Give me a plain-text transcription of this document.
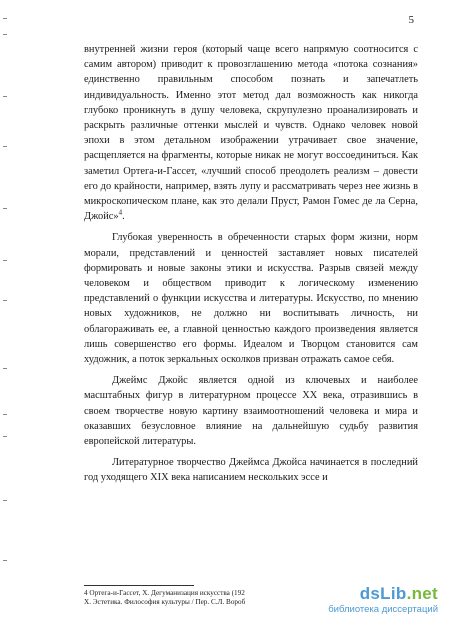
5

внутренней жизни героя (который чаще всего напрямую соотносится с самим автором) приводит к провозглашению метода «потока сознания» единственно правильным способом познать и запечатлеть индивидуальность. Именно этот метод дал возможность как никогда глубоко проникнуть в душу человека, скрупулезно проанализировать и раскрыть различные оттенки мыслей и чувств. Однако человек новой эпохи в этом детальном изображении утрачивает свое значение, расщепляется на фрагменты, которые никак не могут воссоединиться. Как заметил Ортега-и-Гассет, «лучший способ преодолеть реализм – довести его до крайности, например, взять лупу и рассматривать через нее жизнь в микроскопическом плане, как это делали Пруст, Рамон Гомес де ла Серна, Джойс»$^4$.

Глубокая уверенность в обреченности старых форм жизни, норм морали, представлений и ценностей заставляет новых писателей формировать и новые законы этики и искусства. Разрыв связей между человеком и обществом приводит к логическому изменению представлений о функции искусства и литературы. Искусство, по мнению новых художников, не должно ни воспитывать личность, ни облагораживать ее, а главной ценностью каждого произведения является лишь совершенство его формы. Идеалом и Творцом становится сам художник, а поток зеркальных осколков призван отражать самое себя.

Джеймс Джойс является одной из ключевых и наиболее масштабных фигур в литературном процессе XX века, отразившись в своем творчестве новую картину взаимоотношений человека и мира и оказавших безусловное влияние на дальнейшую судьбу развития европейской литературы.

Литературное творчество Джеймса Джойса начинается в последний год уходящего XIX века написанием нескольких эссе и

4 Ортега-и-Гассет, Х. Дегуманизация искусства (192

Х. Эстетика. Философия культуры / Пер. С.Л. Вороб	dsLib.net
библиотека диссертаций
